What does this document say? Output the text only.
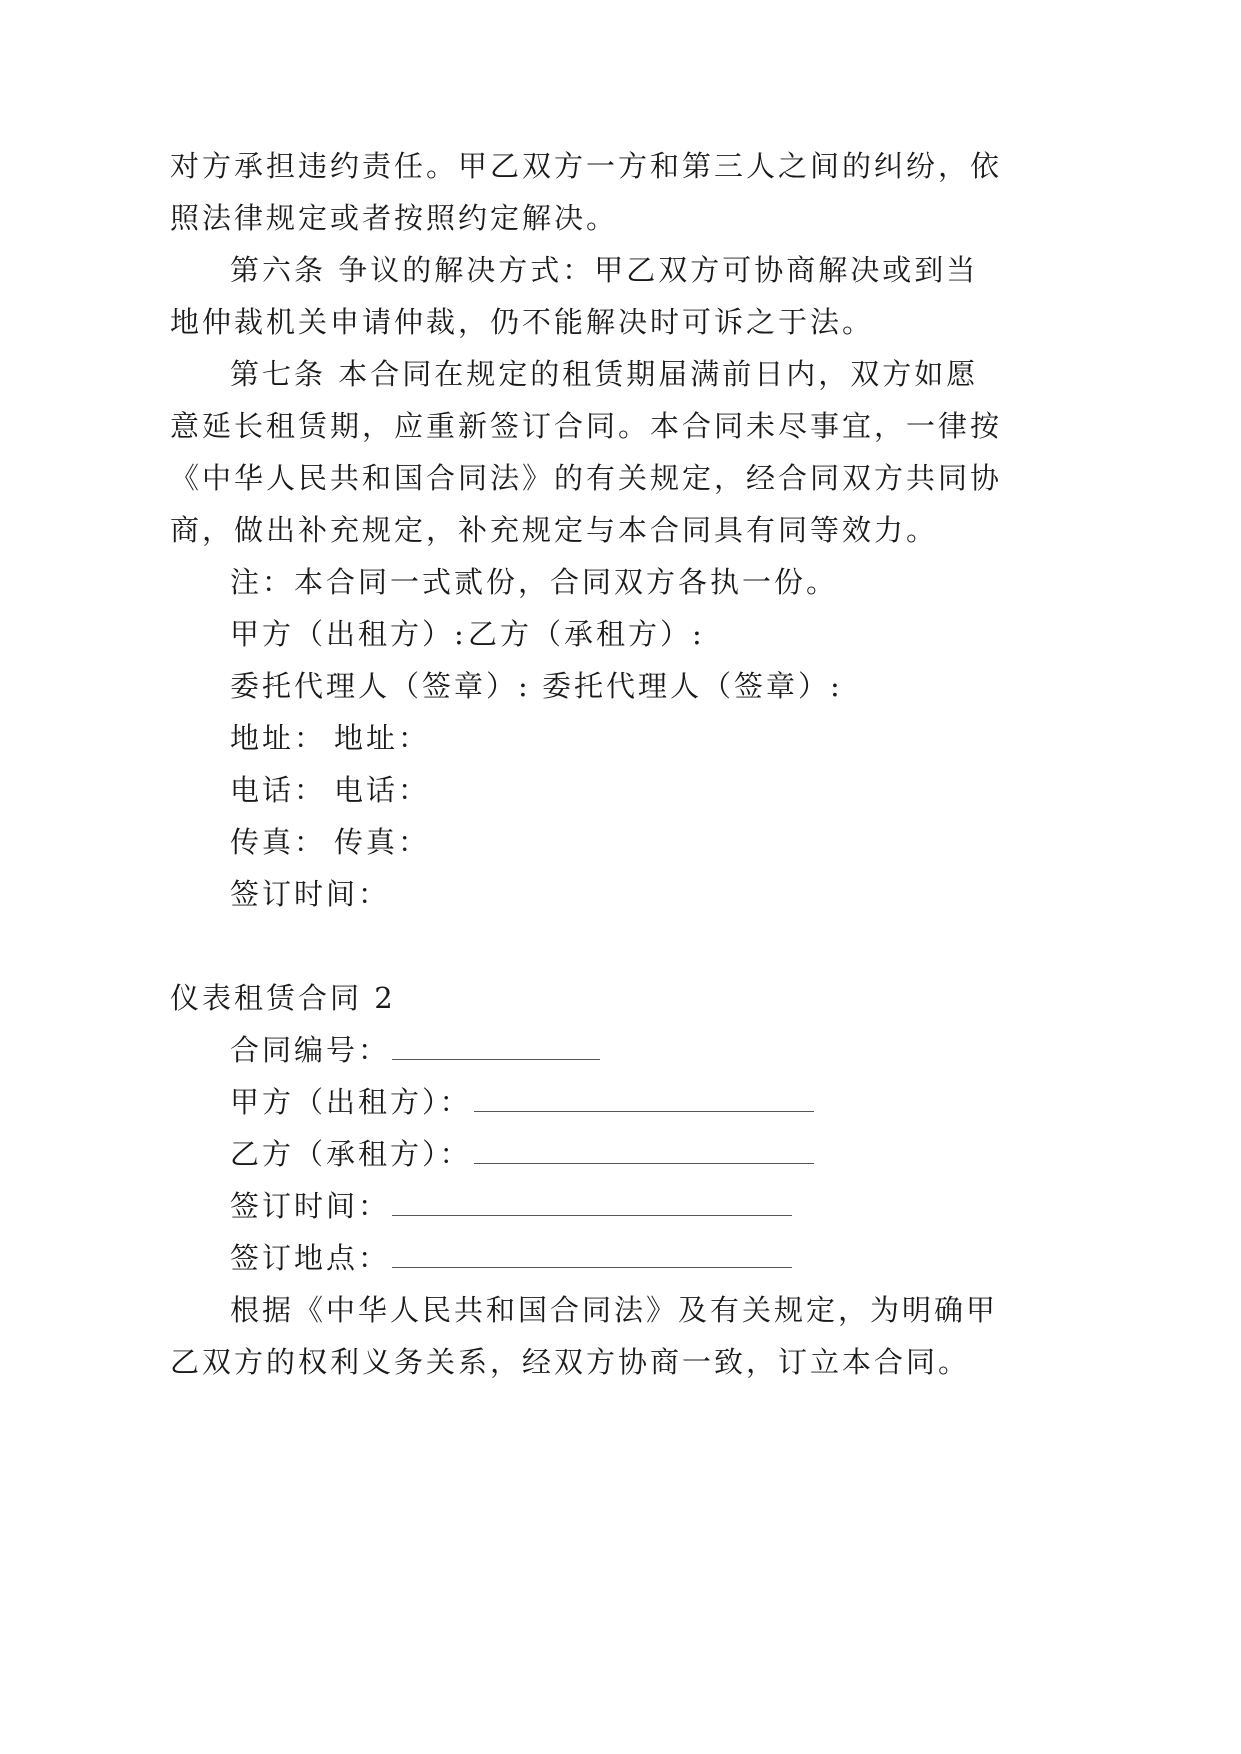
对方承担违约责任。甲乙双方一方和第三人之间的纠纷，依
照法律规定或者按照约定解决。
第六条 争议的解决方式：甲乙双方可协商解决或到当
地仲裁机关申请仲裁，仍不能解决时可诉之于法。
第七条 本合同在规定的租赁期届满前日内，双方如愿
意延长租赁期，应重新签订合同。本合同未尽事宜，一律按
《中华人民共和国合同法》的有关规定，经合同双方共同协
商，做出补充规定，补充规定与本合同具有同等效力。
注：本合同一式贰份，合同双方各执一份。
甲方（出租方）: 乙方（承租方）:
委托代理人（签章）: 委托代理人（签章）:
地址： 地址：
电话： 电话：
传真： 传真：
签订时间：
仪表租赁合同 2
合同编号：
甲方（出租方）：
乙方（承租方）：
签订时间：
签订地点：
根据《中华人民共和国合同法》及有关规定，为明确甲
乙双方的权利义务关系，经双方协商一致，订立本合同。
